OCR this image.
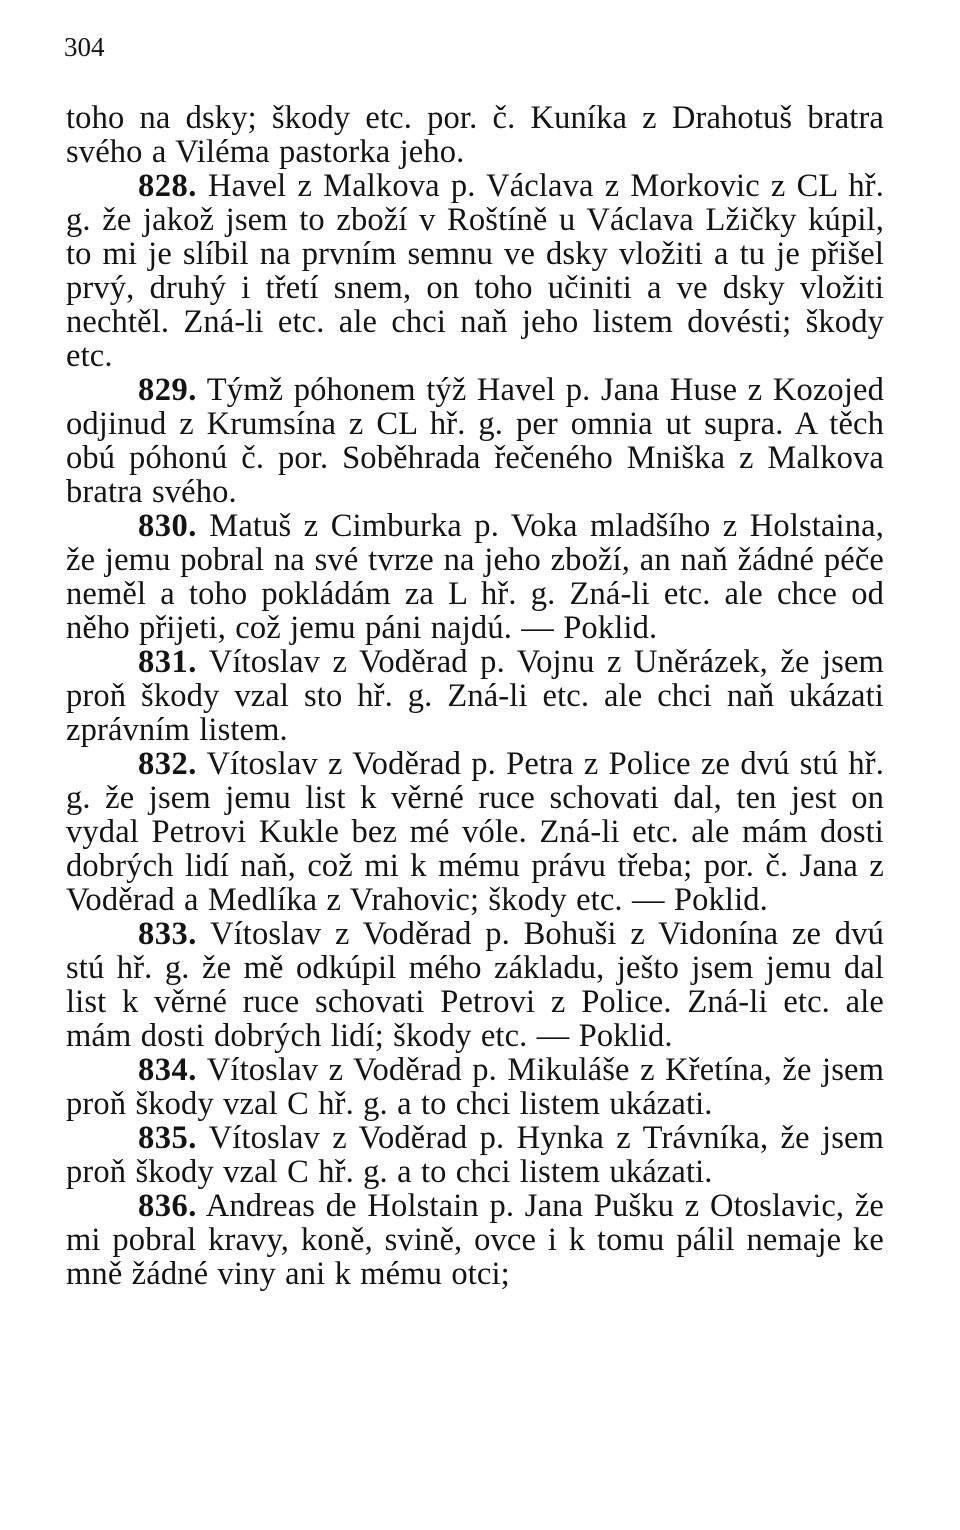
304

toho na dsky; škody etc. por. č. Kuníka z Drahotuš bratra svého a Viléma pastorka jeho.

828. Havel z Malkova p. Václava z Morkovic z CL hř. g. že jakož jsem to zboží v Roštíně u Václava Lžičky kúpil, to mi je slíbil na prvním semnu ve dsky vložiti a tu je přišel prvý, druhý i třetí snem, on toho učiniti a ve dsky vložiti nechtěl. Zná-li etc. ale chci naň jeho listem dovésti; škody etc.

829. Týmž póhonem týž Havel p. Jana Huse z Kozojed odjinud z Krumsína z CL hř. g. per omnia ut supra. A těch obú póhonú č. por. Soběhrada řečeného Mniška z Malkova bratra svého.

830. Matuš z Cimburka p. Voka mladšího z Holstaina, že jemu pobral na své tvrze na jeho zboží, an naň žádné péče neměl a toho pokládám za L hř. g. Zná-li etc. ale chce od něho přijeti, což jemu páni najdú. — Poklid.

831. Vítoslav z Voděrad p. Vojnu z Uněrázek, že jsem proň škody vzal sto hř. g. Zná-li etc. ale chci naň ukázati zprávním listem.

832. Vítoslav z Voděrad p. Petra z Police ze dvú stú hř. g. že jsem jemu list k věrné ruce schovati dal, ten jest on vydal Petrovi Kukle bez mé vóle. Zná-li etc. ale mám dosti dobrých lidí naň, což mi k mému právu třeba; por. č. Jana z Voděrad a Medlíka z Vrahovic; škody etc. — Poklid.

833. Vítoslav z Voděrad p. Bohuši z Vidonína ze dvú stú hř. g. že mě odkúpil mého základu, ješto jsem jemu dal list k věrné ruce schovati Petrovi z Police. Zná-li etc. ale mám dosti dobrých lidí; škody etc. — Poklid.

834. Vítoslav z Voděrad p. Mikuláše z Křetína, že jsem proň škody vzal C hř. g. a to chci listem ukázati.

835. Vítoslav z Voděrad p. Hynka z Trávníka, že jsem proň škody vzal C hř. g. a to chci listem ukázati.

836. Andreas de Holstain p. Jana Pušku z Otoslavic, že mi pobral kravy, koně, svině, ovce i k tomu pálil nemaje ke mně žádné viny ani k mému otci;
